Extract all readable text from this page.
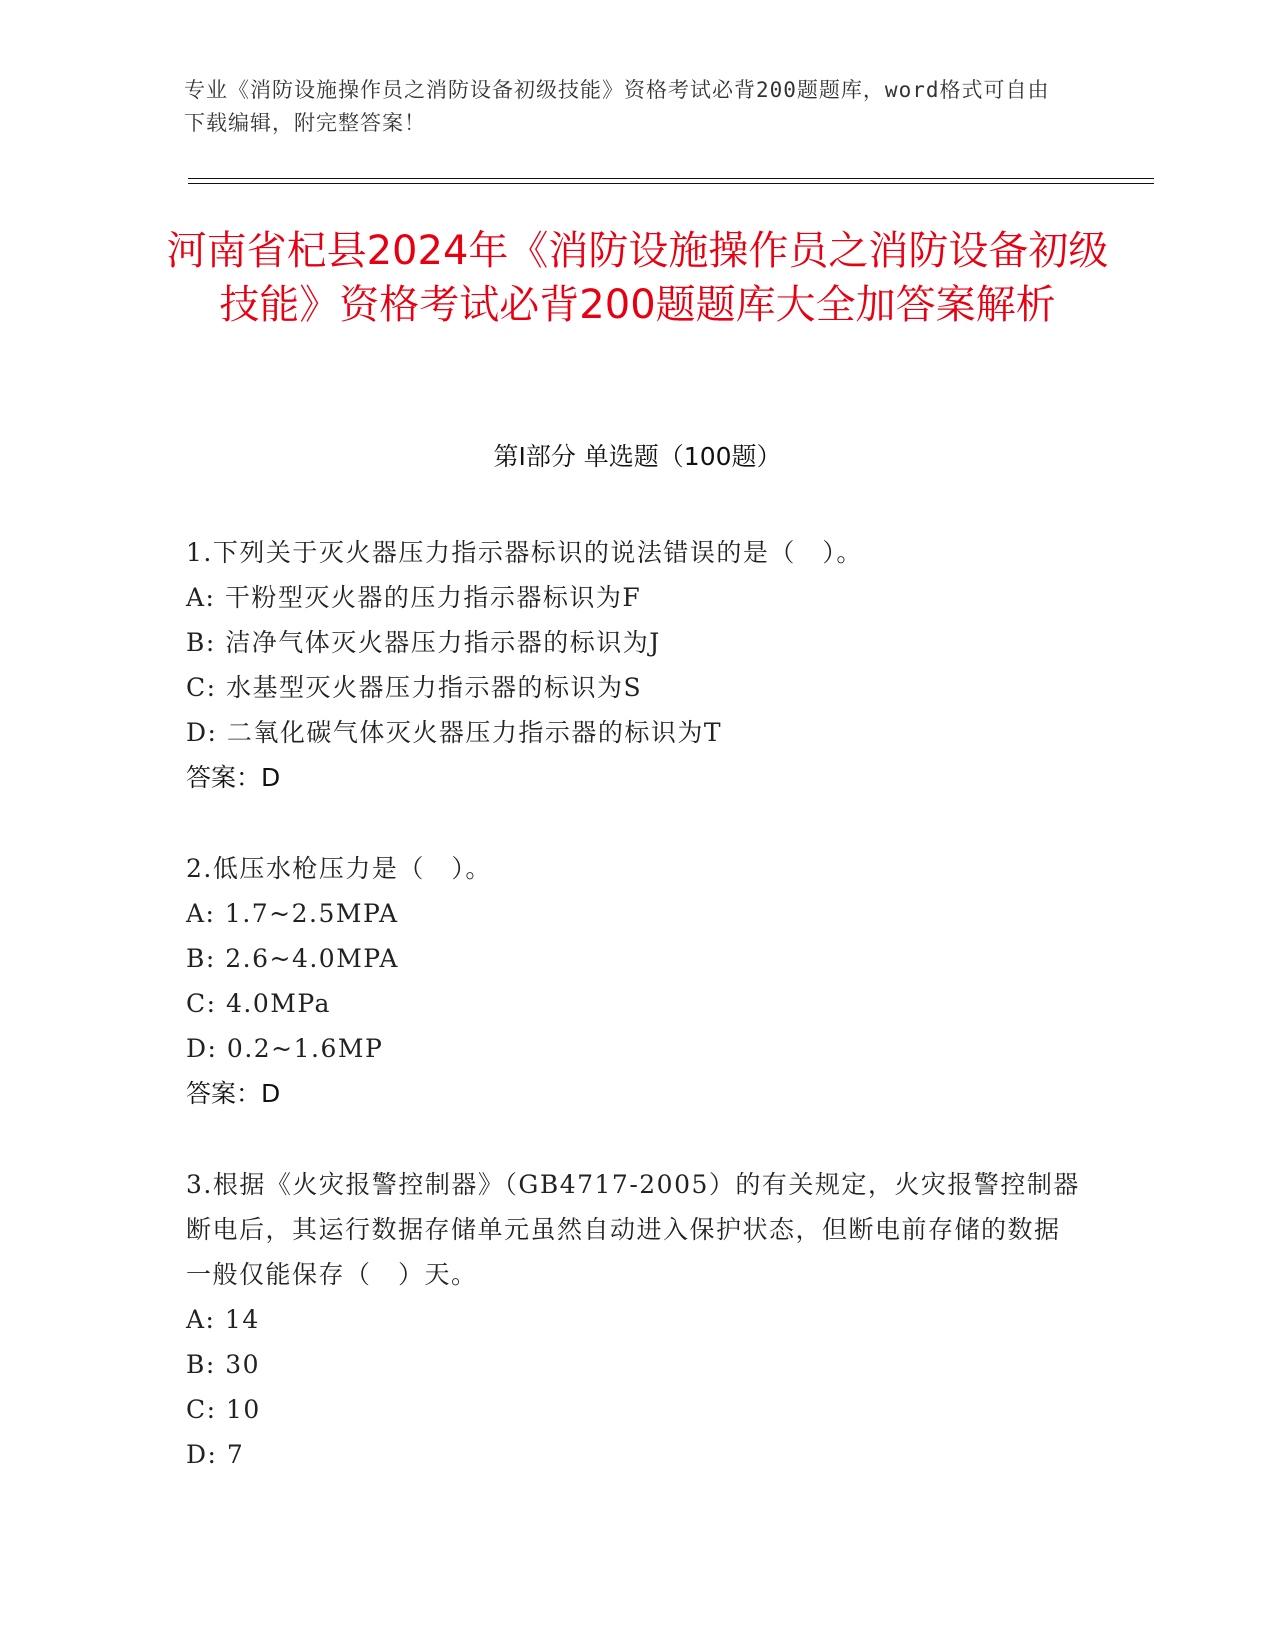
专业《消防设施操作员之消防设备初级技能》资格考试必背200题题库，word格式可自由下载编辑，附完整答案！
河南省杞县2024年《消防设施操作员之消防设备初级技能》资格考试必背200题题库大全加答案解析
第Ⅰ部分 单选题（100题）
1.下列关于灭火器压力指示器标识的说法错误的是（　）。
A: 干粉型灭火器的压力指示器标识为F
B: 洁净气体灭火器压力指示器的标识为J
C: 水基型灭火器压力指示器的标识为S
D: 二氧化碳气体灭火器压力指示器的标识为T
答案：D
2.低压水枪压力是（　）。
A: 1.7~2.5MPA
B: 2.6~4.0MPA
C: 4.0MPa
D: 0.2~1.6MP
答案：D
3.根据《火灾报警控制器》（GB4717-2005）的有关规定，火灾报警控制器断电后，其运行数据存储单元虽然自动进入保护状态，但断电前存储的数据一般仅能保存（　）天。
A: 14
B: 30
C: 10
D: 7
